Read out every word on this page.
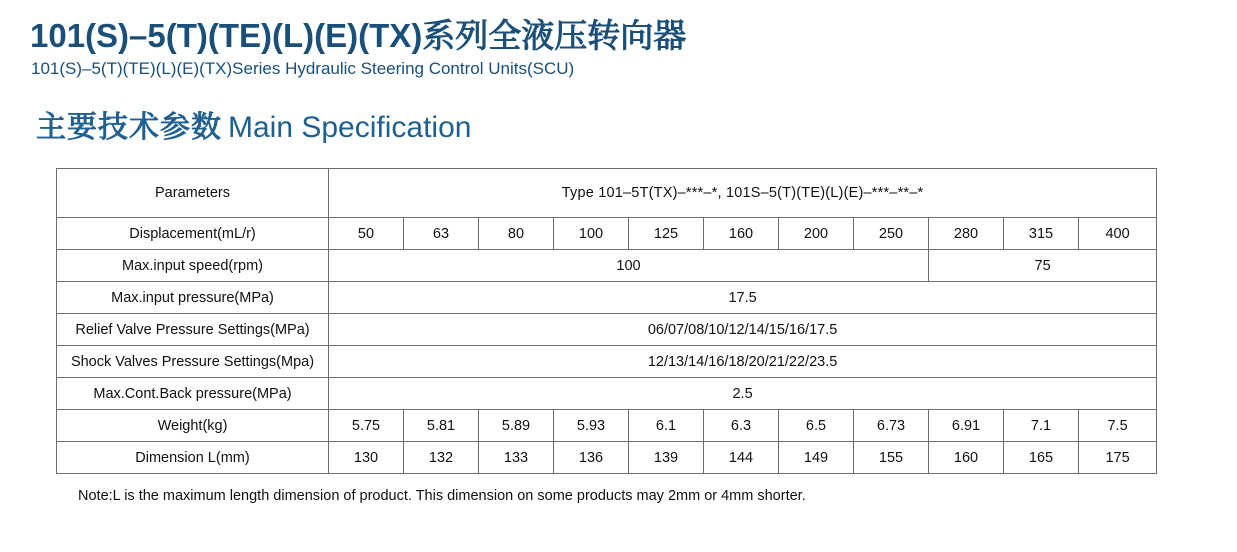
101(S)–5(T)(TE)(L)(E)(TX)系列全液压转向器
101(S)–5(T)(TE)(L)(E)(TX)Series Hydraulic Steering Control Units(SCU)
主要技术参数 Main Specification
Parameters	Type 101–5T(TX)–***–*, 101S–5(T)(TE)(L)(E)–***–**–*										
Displacement(mL/r)	50	63	80	100	125	160	200	250	280	315	400
Max.input speed(rpm)	100								75		
Max.input pressure(MPa)	17.5										
Relief Valve Pressure Settings(MPa)	06/07/08/10/12/14/15/16/17.5										
Shock Valves Pressure Settings(Mpa)	12/13/14/16/18/20/21/22/23.5										
Max.Cont.Back pressure(MPa)	2.5										
Weight(kg)	5.75	5.81	5.89	5.93	6.1	6.3	6.5	6.73	6.91	7.1	7.5
Dimension L(mm)	130	132	133	136	139	144	149	155	160	165	175
Note:L is the maximum length dimension of product. This dimension on some products may 2mm or 4mm shorter.
